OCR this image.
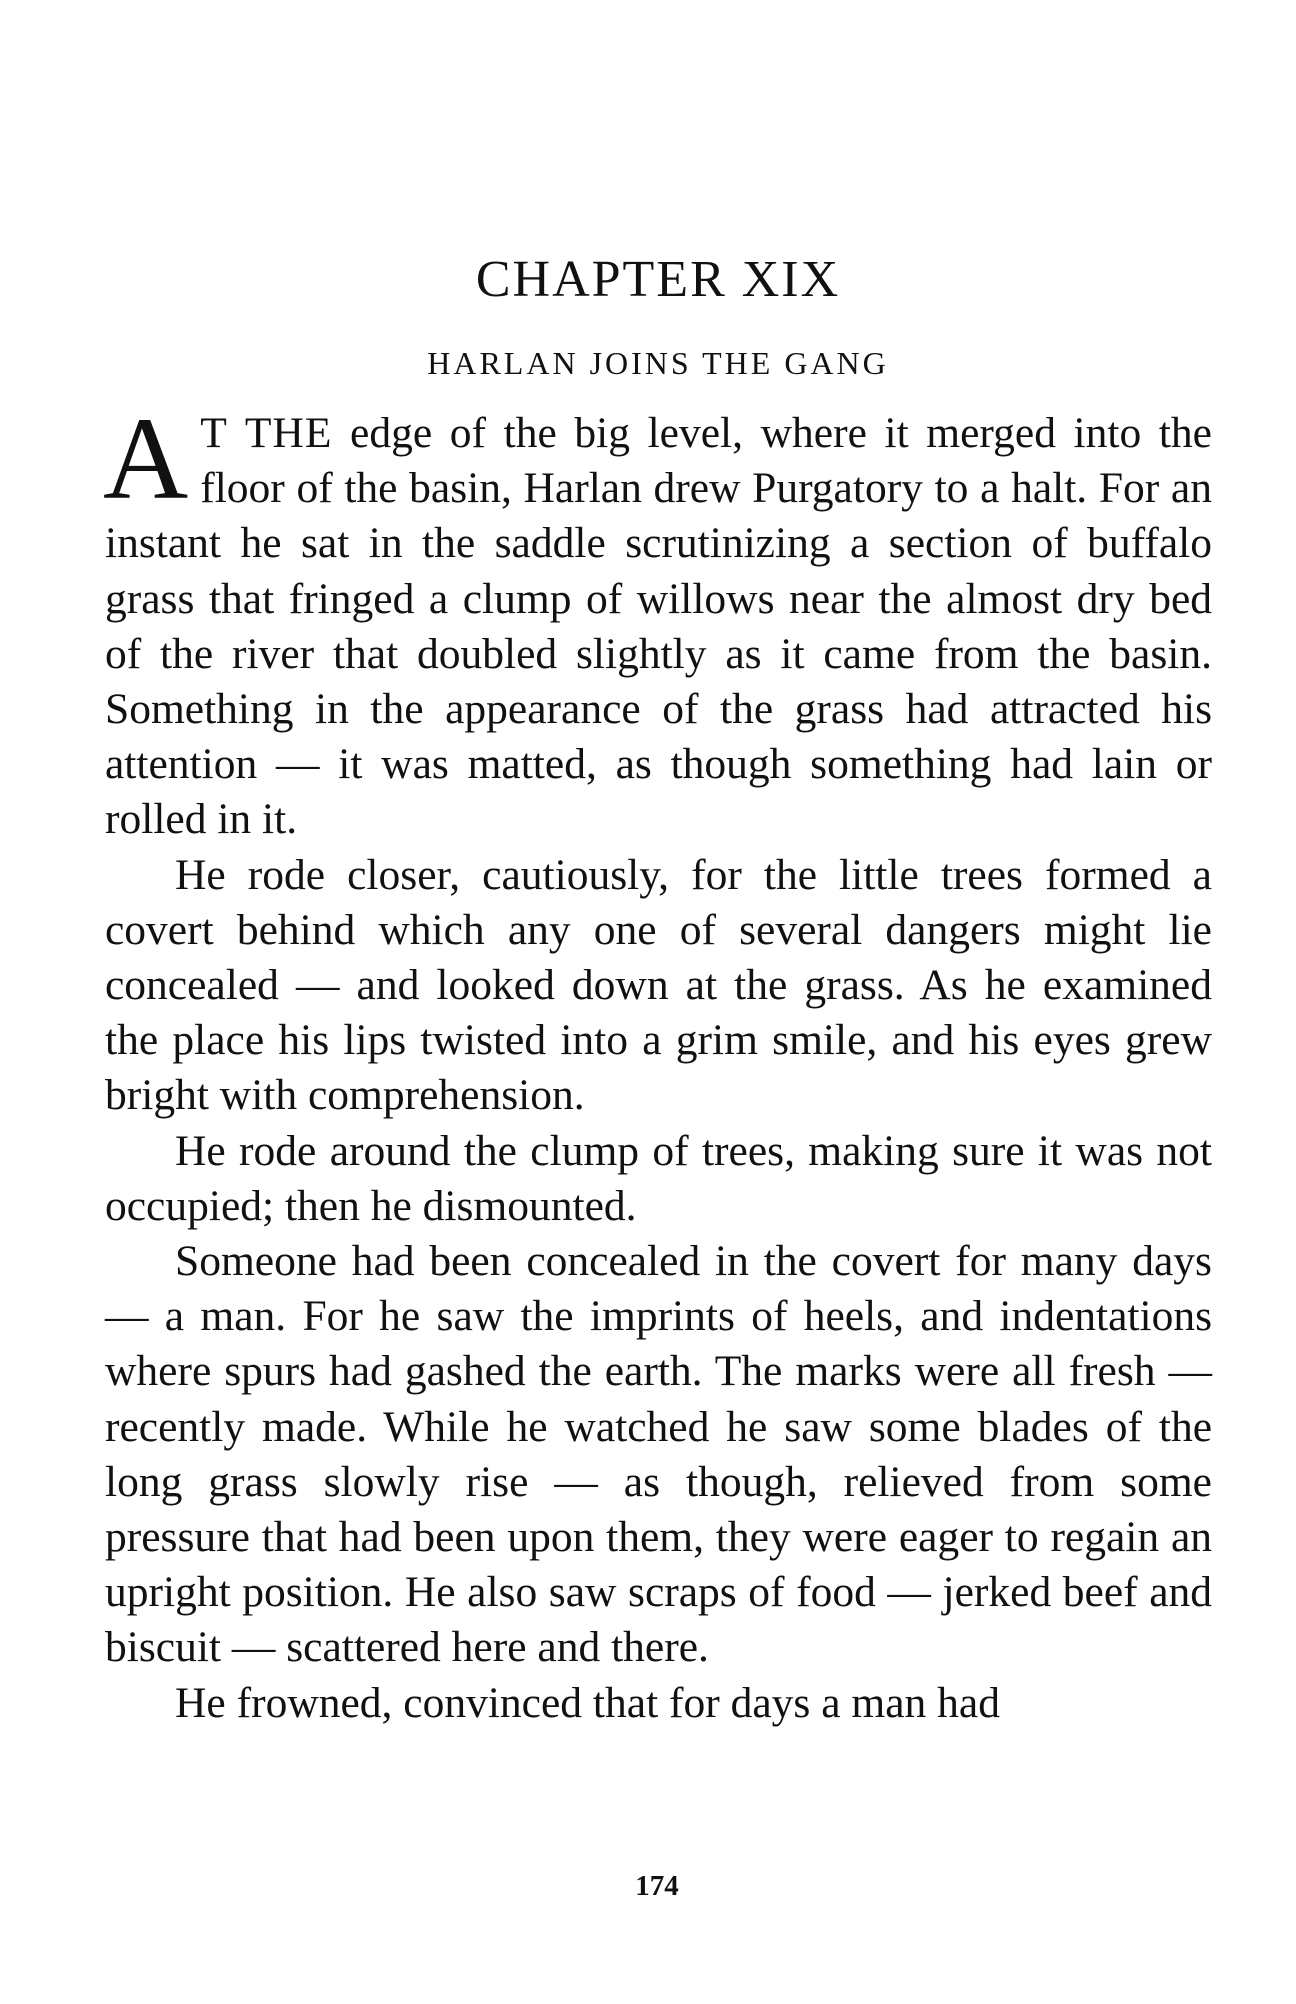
CHAPTER XIX
HARLAN JOINS THE GANG

A T THE edge of the big level, where it merged into the floor of the basin, Harlan drew Purgatory to a halt. For an instant he sat in the saddle scrutinizing a section of buffalo grass that fringed a clump of willows near the almost dry bed of the river that doubled slightly as it came from the basin. Something in the appearance of the grass had attracted his attention — it was matted, as though something had lain or rolled in it.

He rode closer, cautiously, for the little trees formed a covert behind which any one of several dangers might lie concealed — and looked down at the grass. As he examined the place his lips twisted into a grim smile, and his eyes grew bright with comprehension.

He rode around the clump of trees, making sure it was not occupied; then he dismounted.

Someone had been concealed in the covert for many days — a man. For he saw the imprints of heels, and indentations where spurs had gashed the earth. The marks were all fresh — recently made. While he watched he saw some blades of the long grass slowly rise — as though, relieved from some pressure that had been upon them, they were eager to regain an upright position. He also saw scraps of food — jerked beef and biscuit — scattered here and there.

He frowned, convinced that for days a man had

174
